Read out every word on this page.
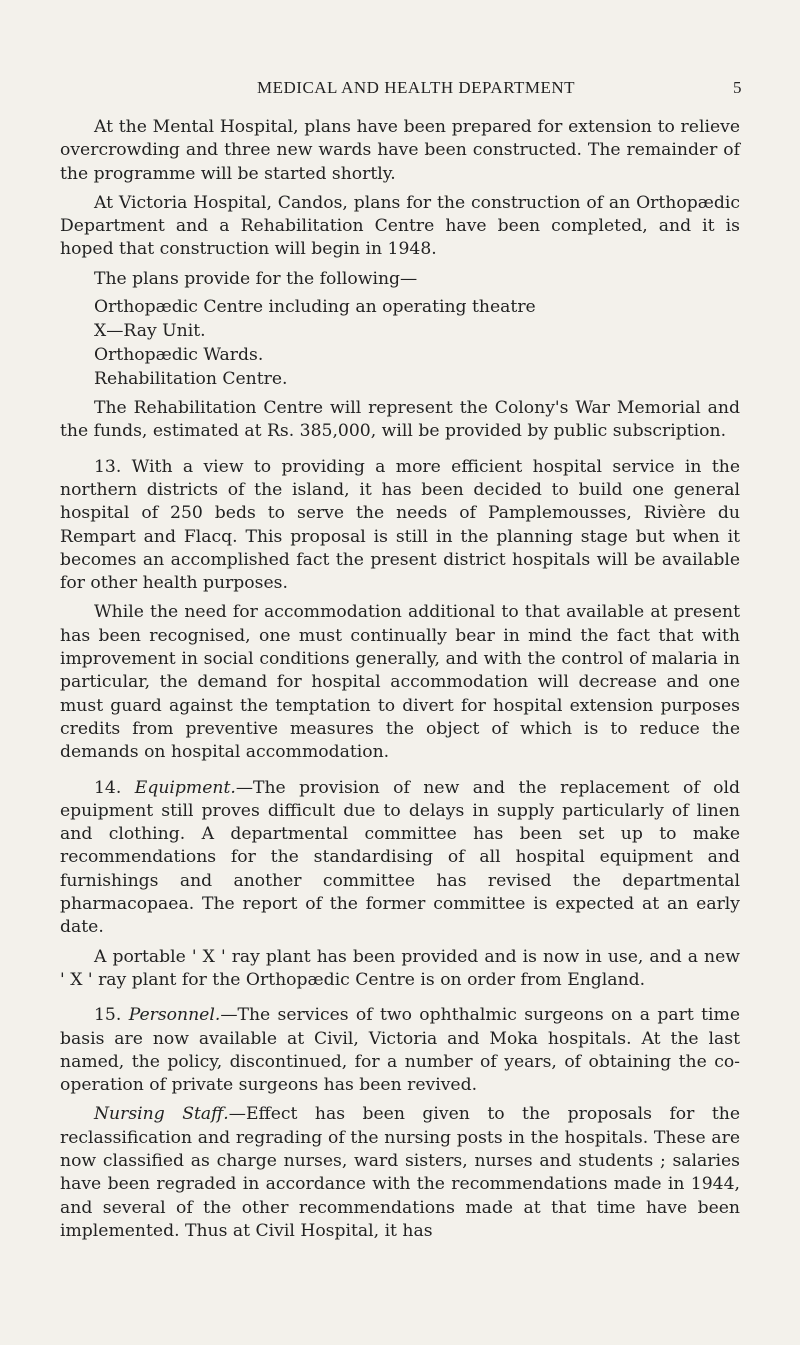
MEDICAL AND HEALTH DEPARTMENT	5

At the Mental Hospital, plans have been prepared for extension to relieve overcrowding and three new wards have been constructed. The remainder of the programme will be started shortly.

At Victoria Hospital, Candos, plans for the construction of an Orthopædic Department and a Rehabilitation Centre have been completed, and it is hoped that construction will begin in 1948.

The plans provide for the following—

Orthopædic Centre including an operating theatre
X—Ray Unit.
Orthopædic Wards.
Rehabilitation Centre.

The Rehabilitation Centre will represent the Colony's War Memorial and the funds, estimated at Rs. 385,000, will be provided by public subscription.

13. With a view to providing a more efficient hospital service in the northern districts of the island, it has been decided to build one general hospital of 250 beds to serve the needs of Pamplemousses, Rivière du Rempart and Flacq. This proposal is still in the planning stage but when it becomes an accomplished fact the present district hospitals will be available for other health purposes.

While the need for accommodation additional to that available at present has been recognised, one must continually bear in mind the fact that with improvement in social conditions generally, and with the control of malaria in particular, the demand for hospital accommodation will decrease and one must guard against the temptation to divert for hospital extension purposes credits from preventive measures the object of which is to reduce the demands on hospital accommodation.

14. Equipment.—The provision of new and the replacement of old epuipment still proves difficult due to delays in supply particularly of linen and clothing. A departmental committee has been set up to make recommendations for the standardising of all hospital equipment and furnishings and another committee has revised the departmental pharmacopaea. The report of the former committee is expected at an early date.

A portable ' X ' ray plant has been provided and is now in use, and a new ' X ' ray plant for the Orthopædic Centre is on order from England.

15. Personnel.—The services of two ophthalmic surgeons on a part time basis are now available at Civil, Victoria and Moka hospitals. At the last named, the policy, discontinued, for a number of years, of obtaining the co-operation of private surgeons has been revived.

Nursing Staff.—Effect has been given to the proposals for the reclassification and regrading of the nursing posts in the hospitals. These are now classified as charge nurses, ward sisters, nurses and students ; salaries have been regraded in accordance with the recommendations made in 1944, and several of the other recommendations made at that time have been implemented. Thus at Civil Hospital, it has
